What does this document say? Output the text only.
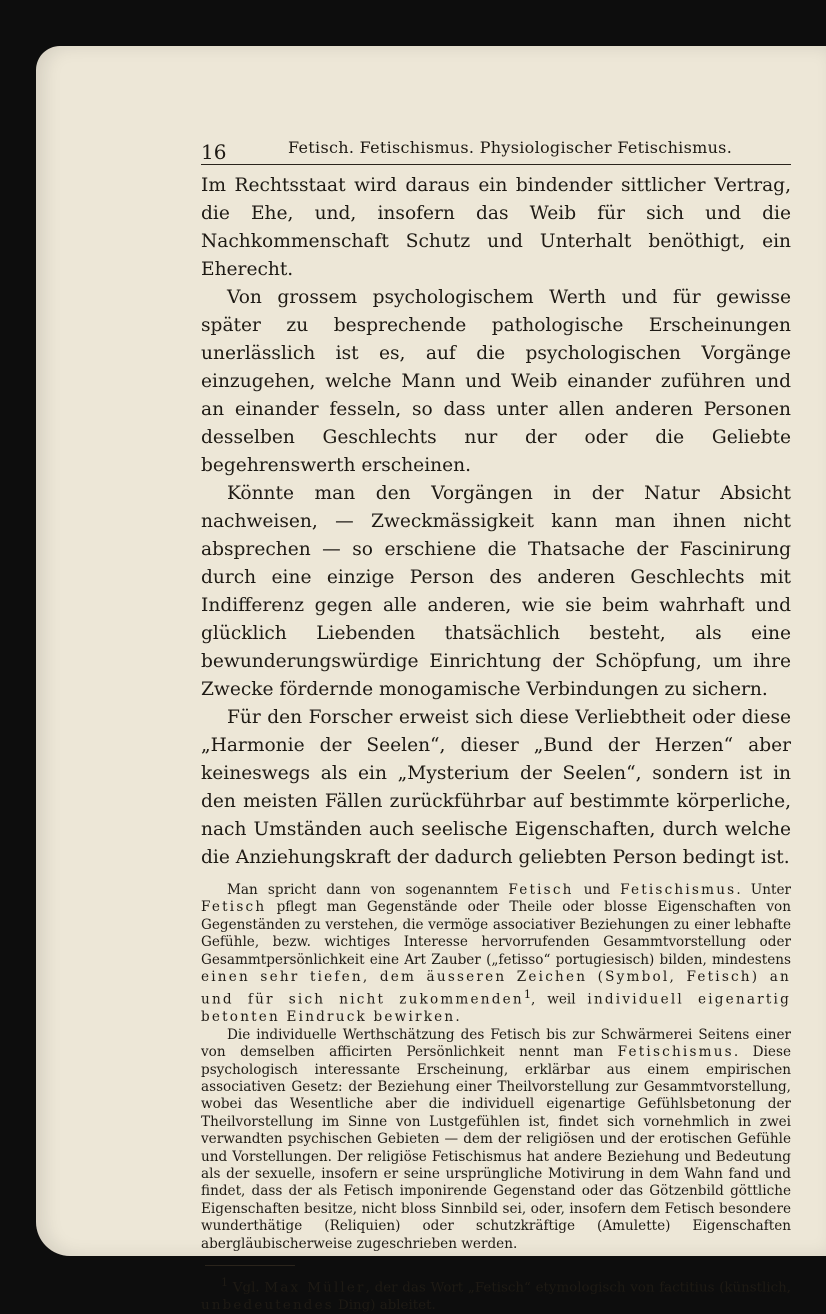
16	Fetisch. Fetischismus. Physiologischer Fetischismus.

Im Rechtsstaat wird daraus ein bindender sittlicher Vertrag, die Ehe, und, insofern das Weib für sich und die Nachkommenschaft Schutz und Unterhalt benöthigt, ein Eherecht.

Von grossem psychologischem Werth und für gewisse später zu besprechende pathologische Erscheinungen unerlässlich ist es, auf die psychologischen Vorgänge einzugehen, welche Mann und Weib einander zuführen und an einander fesseln, so dass unter allen anderen Personen desselben Geschlechts nur der oder die Geliebte begehrenswerth erscheinen.

Könnte man den Vorgängen in der Natur Absicht nachweisen, — Zweckmässigkeit kann man ihnen nicht absprechen — so erschiene die Thatsache der Fascinirung durch eine einzige Person des anderen Geschlechts mit Indifferenz gegen alle anderen, wie sie beim wahrhaft und glücklich Liebenden thatsächlich besteht, als eine bewunderungswürdige Einrichtung der Schöpfung, um ihre Zwecke fördernde monogamische Verbindungen zu sichern.

Für den Forscher erweist sich diese Verliebtheit oder diese „Harmonie der Seelen“, dieser „Bund der Herzen“ aber keineswegs als ein „Mysterium der Seelen“, sondern ist in den meisten Fällen zurückführbar auf bestimmte körperliche, nach Umständen auch seelische Eigenschaften, durch welche die Anziehungskraft der dadurch geliebten Person bedingt ist.

Man spricht dann von sogenanntem Fetisch und Fetischismus. Unter Fetisch pflegt man Gegenstände oder Theile oder blosse Eigenschaften von Gegenständen zu verstehen, die vermöge associativer Beziehungen zu einer lebhafte Gefühle, bezw. wichtiges Interesse hervorrufenden Gesammtvorstellung oder Gesammtpersönlichkeit eine Art Zauber („fetisso“ portugiesisch) bilden, mindestens einen sehr tiefen, dem äusseren Zeichen (Symbol, Fetisch) an und für sich nicht zukommenden$^1$, weil individuell eigenartig betonten Eindruck bewirken.

Die individuelle Werthschätzung des Fetisch bis zur Schwärmerei Seitens einer von demselben afficirten Persönlichkeit nennt man Fetischismus. Diese psychologisch interessante Erscheinung, erklärbar aus einem empirischen associativen Gesetz: der Beziehung einer Theilvorstellung zur Gesammtvorstellung, wobei das Wesentliche aber die individuell eigenartige Gefühlsbetonung der Theilvorstellung im Sinne von Lustgefühlen ist, findet sich vornehmlich in zwei verwandten psychischen Gebieten — dem der religiösen und der erotischen Gefühle und Vorstellungen. Der religiöse Fetischismus hat andere Beziehung und Bedeutung als der sexuelle, insofern er seine ursprüngliche Motivirung in dem Wahn fand und findet, dass der als Fetisch imponirende Gegenstand oder das Götzenbild göttliche Eigenschaften besitze, nicht bloss Sinnbild sei, oder, insofern dem Fetisch besondere wunderthätige (Reliquien) oder schutzkräftige (Amulette) Eigenschaften abergläubischerweise zugeschrieben werden.

$^1$ Vgl. Max Müller, der das Wort „Fetisch“ etymologisch von factitius (künstlich, unbedeutendes Ding) ableitet.
